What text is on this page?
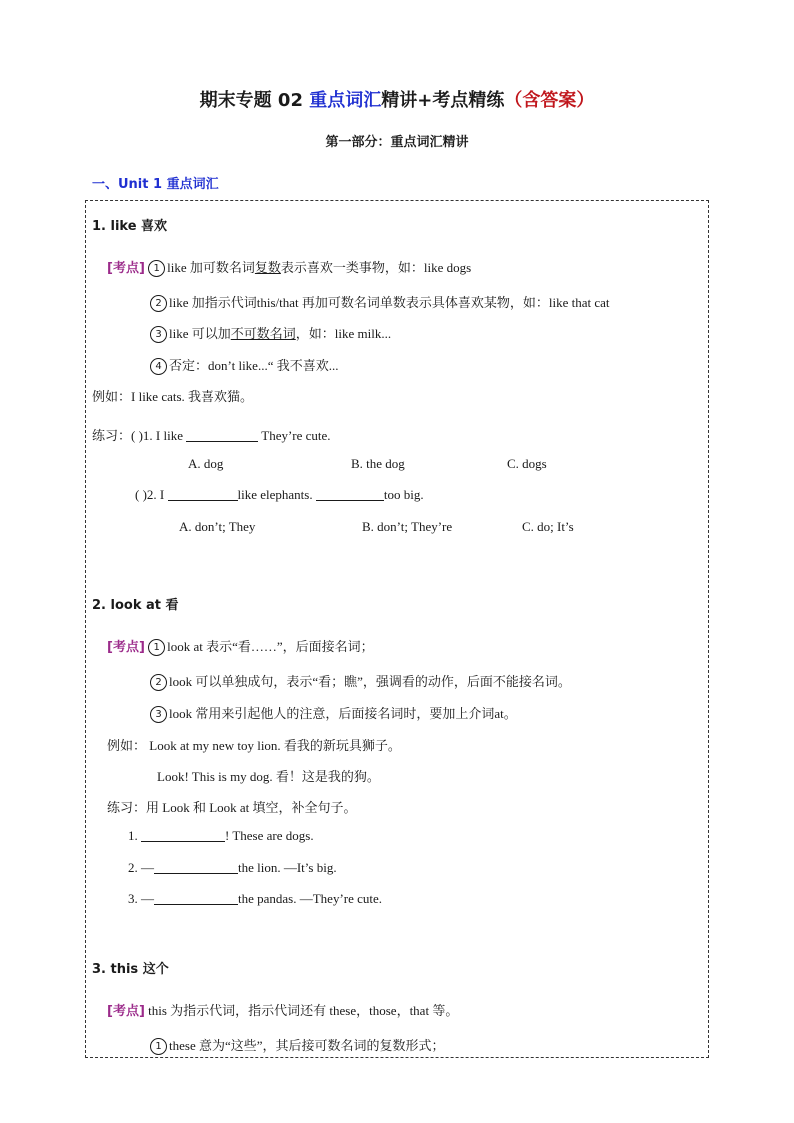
期末专题 02 重点词汇精讲+考点精练（含答案）
第一部分：重点词汇精讲
一、Unit 1 重点词汇
1. like 喜欢
[考点] 1 like 加可数名词复数表示喜欢一类事物，如：like dogs
2 like 加指示代词this/that 再加可数名词单数表示具体喜欢某物，如：like that cat
3 like 可以加不可数名词，如：like milk...
4 否定：don’t like...“ 我不喜欢...
例如：I like cats. 我喜欢猫。
练习：( )1. I like	They’re cute.
A. dog	B. the dog	C. dogs
( )2. I	like elephants.	too big.
A. don’t; They	B. don’t; They’re	C. do; It’s
2. look at 看
[考点] 1 look at 表示“看……”，后面接名词；
2 look 可以单独成句，表示“看；瞧”，强调看的动作，后面不能接名词。
3 look 常用来引起他人的注意，后面接名词时，要加上介词at。
例如： Look at my new toy lion. 看我的新玩具狮子。
Look! This is my dog. 看！这是我的狗。
练习：用 Look 和 Look at 填空，补全句子。
1.	! These are dogs.
2. —	the lion. —It’s big.
3. —	the pandas. —They’re cute.
3. this 这个
[考点] this 为指示代词，指示代词还有 these，those，that 等。
1 these 意为“这些”，其后接可数名词的复数形式；
